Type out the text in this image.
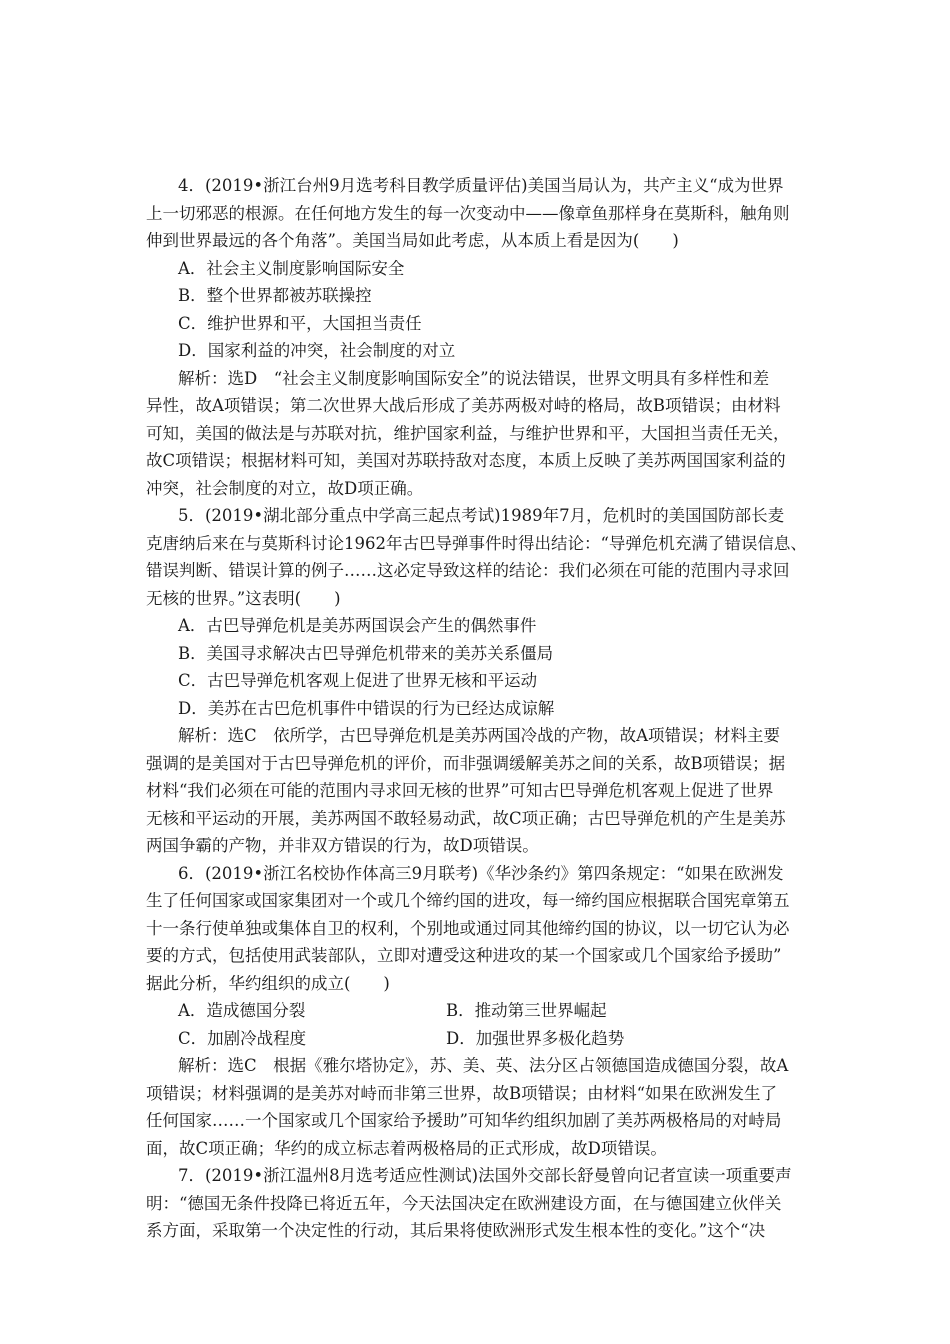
4．(2019•浙江台州9月选考科目教学质量评估)美国当局认为，共产主义“成为世界
上一切邪恶的根源。在任何地方发生的每一次变动中——像章鱼那样身在莫斯科，触角则
伸到世界最远的各个角落”。美国当局如此考虑，从本质上看是因为(　　)
A．社会主义制度影响国际安全
B．整个世界都被苏联操控
C．维护世界和平，大国担当责任
D．国家利益的冲突，社会制度的对立
解析：选D　“社会主义制度影响国际安全”的说法错误，世界文明具有多样性和差
异性，故A项错误；第二次世界大战后形成了美苏两极对峙的格局，故B项错误；由材料
可知，美国的做法是与苏联对抗，维护国家利益，与维护世界和平，大国担当责任无关，
故C项错误；根据材料可知，美国对苏联持敌对态度，本质上反映了美苏两国国家利益的
冲突，社会制度的对立，故D项正确。
5．(2019•湖北部分重点中学高三起点考试)1989年7月，危机时的美国国防部长麦
克唐纳后来在与莫斯科讨论1962年古巴导弹事件时得出结论：“导弹危机充满了错误信息、
错误判断、错误计算的例子……这必定导致这样的结论：我们必须在可能的范围内寻求回
无核的世界。”这表明(　　)
A．古巴导弹危机是美苏两国误会产生的偶然事件
B．美国寻求解决古巴导弹危机带来的美苏关系僵局
C．古巴导弹危机客观上促进了世界无核和平运动
D．美苏在古巴危机事件中错误的行为已经达成谅解
解析：选C　依所学，古巴导弹危机是美苏两国冷战的产物，故A项错误；材料主要
强调的是美国对于古巴导弹危机的评价，而非强调缓解美苏之间的关系，故B项错误；据
材料“我们必须在可能的范围内寻求回无核的世界”可知古巴导弹危机客观上促进了世界
无核和平运动的开展，美苏两国不敢轻易动武，故C项正确；古巴导弹危机的产生是美苏
两国争霸的产物，并非双方错误的行为，故D项错误。
6．(2019•浙江名校协作体高三9月联考)《华沙条约》第四条规定：“如果在欧洲发
生了任何国家或国家集团对一个或几个缔约国的进攻，每一缔约国应根据联合国宪章第五
十一条行使单独或集体自卫的权利，个别地或通过同其他缔约国的协议，以一切它认为必
要的方式，包括使用武装部队，立即对遭受这种进攻的某一个国家或几个国家给予援助”
据此分析，华约组织的成立(　　)
A．造成德国分裂	B．推动第三世界崛起
C．加剧冷战程度	D．加强世界多极化趋势
解析：选C　根据《雅尔塔协定》，苏、美、英、法分区占领德国造成德国分裂，故A
项错误；材料强调的是美苏对峙而非第三世界，故B项错误；由材料“如果在欧洲发生了
任何国家……一个国家或几个国家给予援助”可知华约组织加剧了美苏两极格局的对峙局
面，故C项正确；华约的成立标志着两极格局的正式形成，故D项错误。
7．(2019•浙江温州8月选考适应性测试)法国外交部长舒曼曾向记者宣读一项重要声
明：“德国无条件投降已将近五年，今天法国决定在欧洲建设方面，在与德国建立伙伴关
系方面，采取第一个决定性的行动，其后果将使欧洲形式发生根本性的变化。”这个“决
